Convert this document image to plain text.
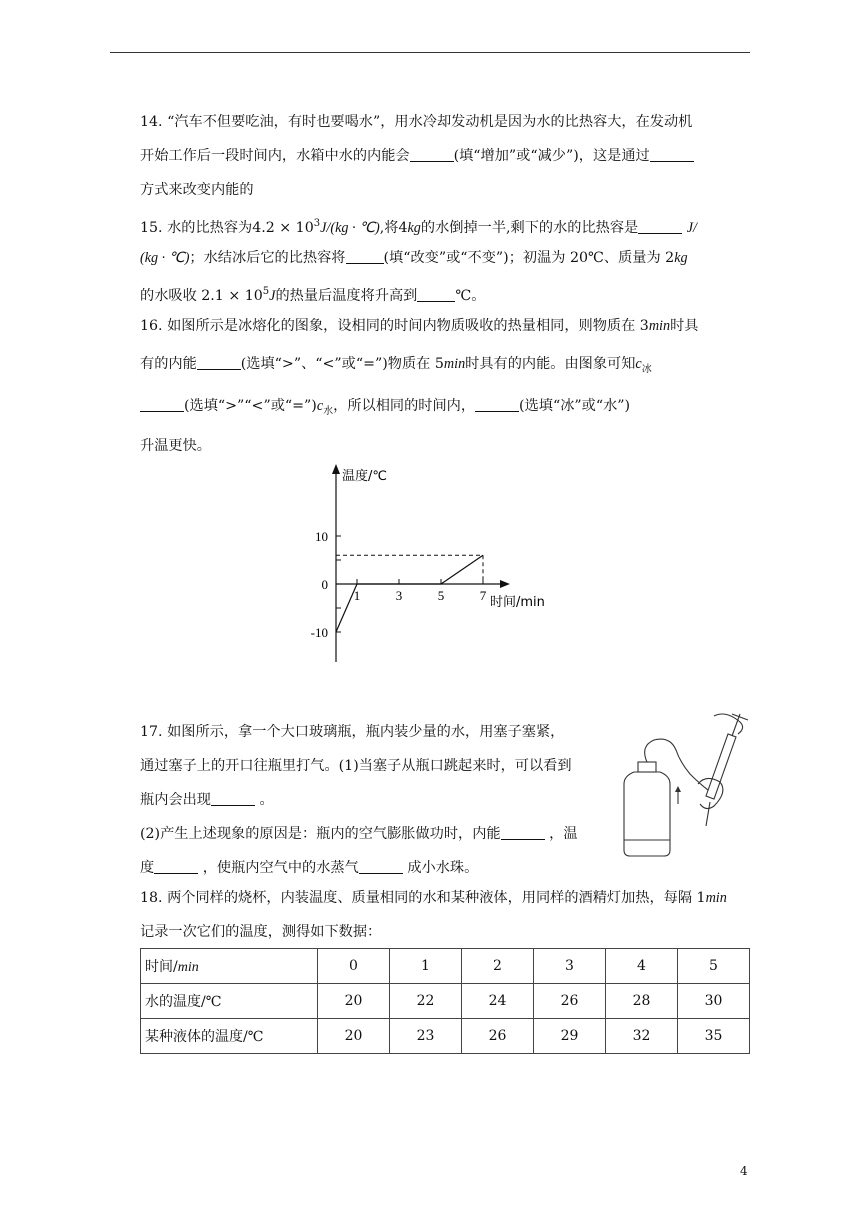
14. “汽车不但要吃油，有时也要喝水”，用水冷却发动机是因为水的比热容大，在发动机
开始工作后一段时间内，水箱中水的内能会	(填“增加”或“减少”)，这是通过
方式来改变内能的
15. 水的比热容为$4.2 \times 10^3J/(kg$ · ℃),将4kg的水倒掉一半,剩下的水的比热容是	J/
(kg · ℃)；水结冰后它的比热容将	(填“改变”或“不变”)；初温为 20℃、质量为 2kg
的水吸收 $2.1 \times 10^5J$的热量后温度将升高到	℃。
16. 如图所示是冰熔化的图象，设相同的时间内物质吸收的热量相同，则物质在 3min时具
有的内能	(选填“>”、“<”或“=”)物质在 5min时具有的内能。由图象可知$c_冰$
(选填“>”“<”或“$=”)c_水$，所以相同的时间内，	(选填“冰”或“水”)
升温更快。
-10
0
10
1	3	5	7
温度/℃
时间/min
17. 如图所示，拿一个大口玻璃瓶，瓶内装少量的水，用塞子塞紧，
通过塞子上的开口往瓶里打气。(1)当塞子从瓶口跳起来时，可以看到
瓶内会出现	。
(2)产生上述现象的原因是：瓶内的空气膨胀做功时，内能	，温
度	，使瓶内空气中的水蒸气	成小水珠。
18. 两个同样的烧杯，内装温度、质量相同的水和某种液体，用同样的酒精灯加热，每隔 1min
记录一次它们的温度，测得如下数据：
时间/min	0	1	2	3	4	5
水的温度/℃	20	22	24	26	28	30
某种液体的温度/℃	20	23	26	29	32	35
4
